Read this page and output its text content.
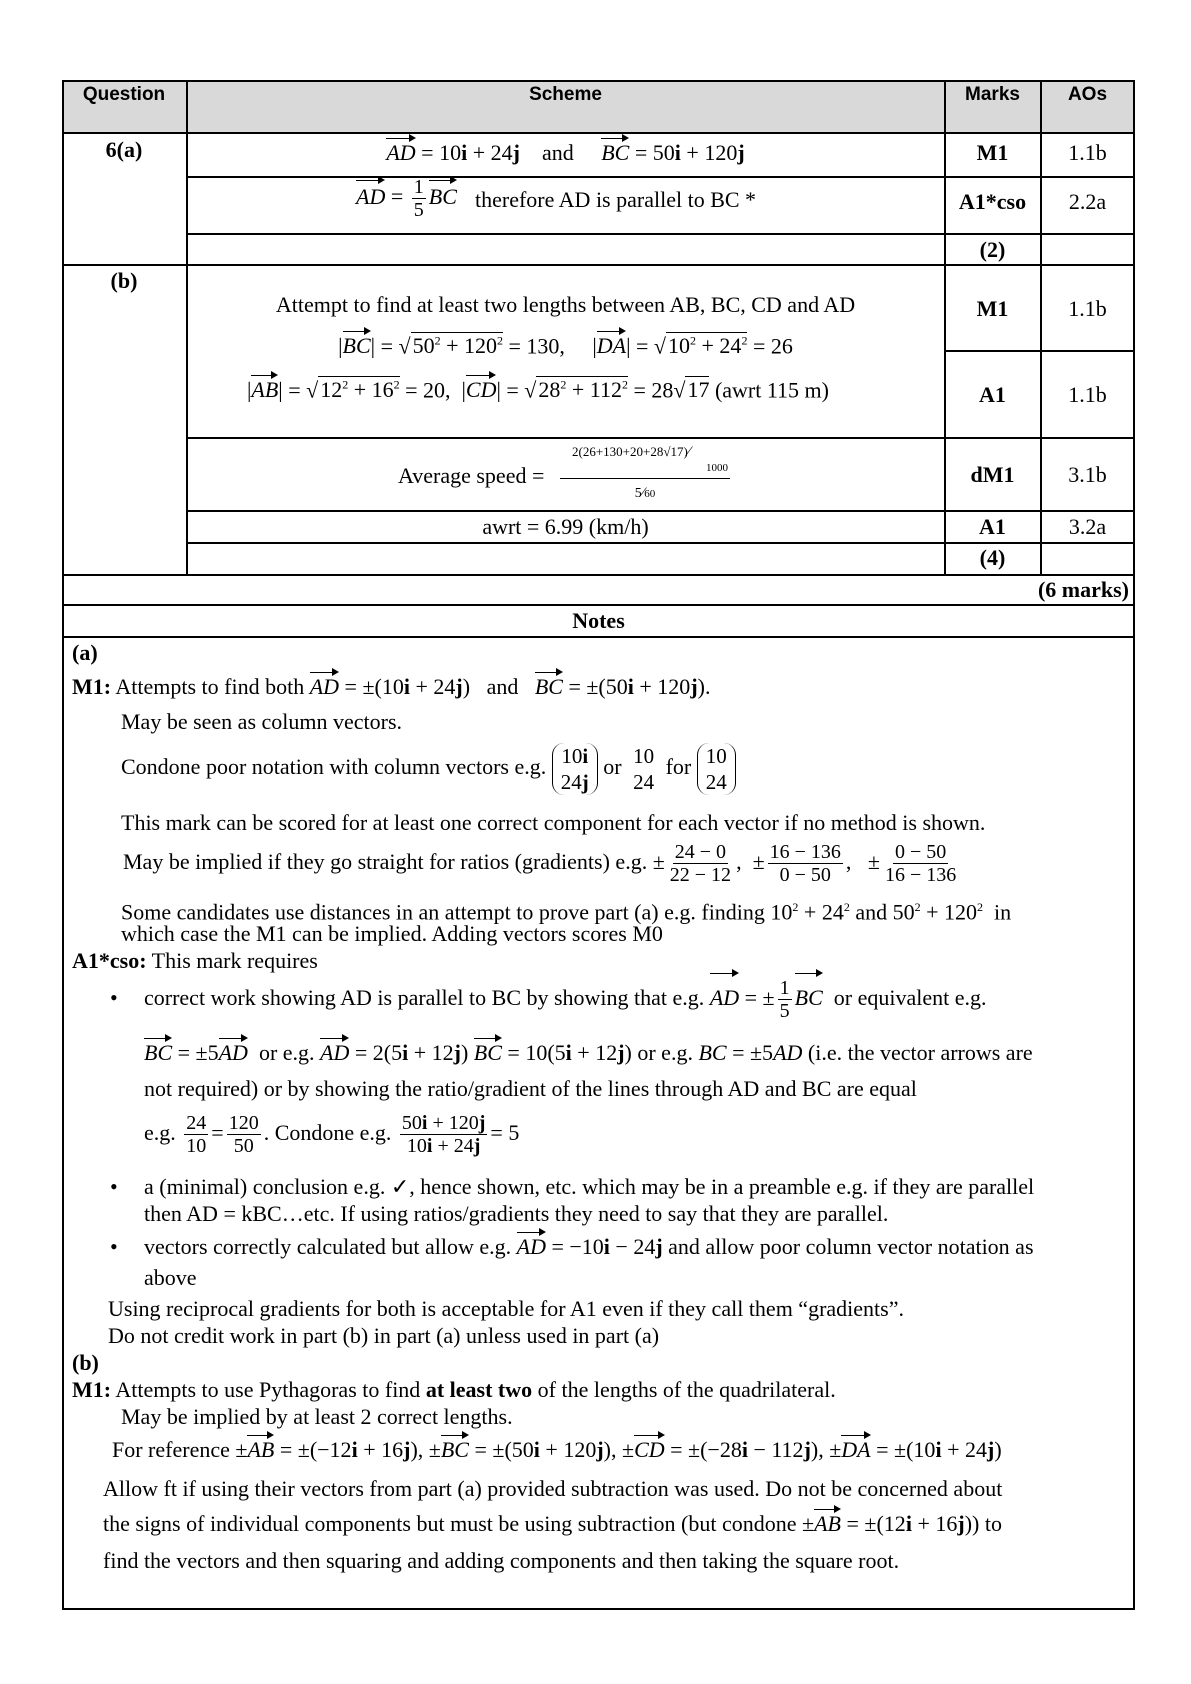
Question	Scheme	Marks	AOs
6(a)	AD = 10i + 24j    and     BC = 50i + 120j	M1	1.1b
AD = $\frac{1}{5}$ BC therefore AD is parallel to BC *	A1*cso	2.2a
(2)
(b)
Attempt to find at least two lengths between AB, BC, CD and AD
$|BC| = √50^2 + 120^2 = 130$,     $|DA| = √10^2 + 24^2 = 26$
M1	1.1b
$|AB| = √12^2 + 16^2 = 20$,  $|CD| = √28^2 + 112^2 = 28√17$ (awrt 115 m)	A1	1.1b
Average speed =
2(26+130+20+28√17)⁄
1000
5⁄60
dM1	3.1b
awrt = 6.99 (km/h)	A1	3.2a
(4)
(6 marks)
Notes
(a)
M1: Attempts to find both AD = ±(10i + 24j)   and BC = ±(50i + 120j).
May be seen as column vectors.
Condone poor notation with column vectors e.g. 10i
24j
or 10
24
for 10
24
This mark can be scored for at least one correct component for each vector if no method is shown.
May be implied if they go straight for ratios (gradients) e.g. ± $\frac{24 - 0}{22 - 12}$ ,  ± $\frac{16 - 136}{0 - 50}$ ,   ± $\frac{0 - 50}{16 - 136}$
Some candidates use distances in an attempt to prove part (a) e.g. finding $10^2 + 24^2$ and $50^2 + 120^2$ in
which case the M1 can be implied. Adding vectors scores M0
A1*cso: This mark requires
• correct work showing AD is parallel to BC by showing that e.g. AD = ± $\frac{1}{5}$ BC or equivalent e.g.
BC = ±5AD or e.g. AD = 2(5i + 12j) BC = 10(5i + 12j) or e.g. BC = ±5AD (i.e. the vector arrows are
not required) or by showing the ratio/gradient of the lines through AD and BC are equal
e.g. $\frac{24}{10} = \frac{120}{50}$ . Condone e.g. $\frac{50i + 120j}{10i + 24j} = 5$
• a (minimal) conclusion e.g. ✓, hence shown, etc. which may be in a preamble e.g. if they are parallel
then AD = kBC…etc. If using ratios/gradients they need to say that they are parallel.
• vectors correctly calculated but allow e.g. AD = −10i − 24j and allow poor column vector notation as
above
Using reciprocal gradients for both is acceptable for A1 even if they call them “gradients”.
Do not credit work in part (b) in part (a) unless used in part (a)
(b)
M1: Attempts to use Pythagoras to find at least two of the lengths of the quadrilateral.
May be implied by at least 2 correct lengths.
For reference ±AB = ±(−12i + 16j), ±BC = ±(50i + 120j), ±CD = ±(−28i − 112j), ±DA = ±(10i + 24j)
Allow ft if using their vectors from part (a) provided subtraction was used. Do not be concerned about
the signs of individual components but must be using subtraction (but condone ±AB = ±(12i + 16j)) to
find the vectors and then squaring and adding components and then taking the square root.
